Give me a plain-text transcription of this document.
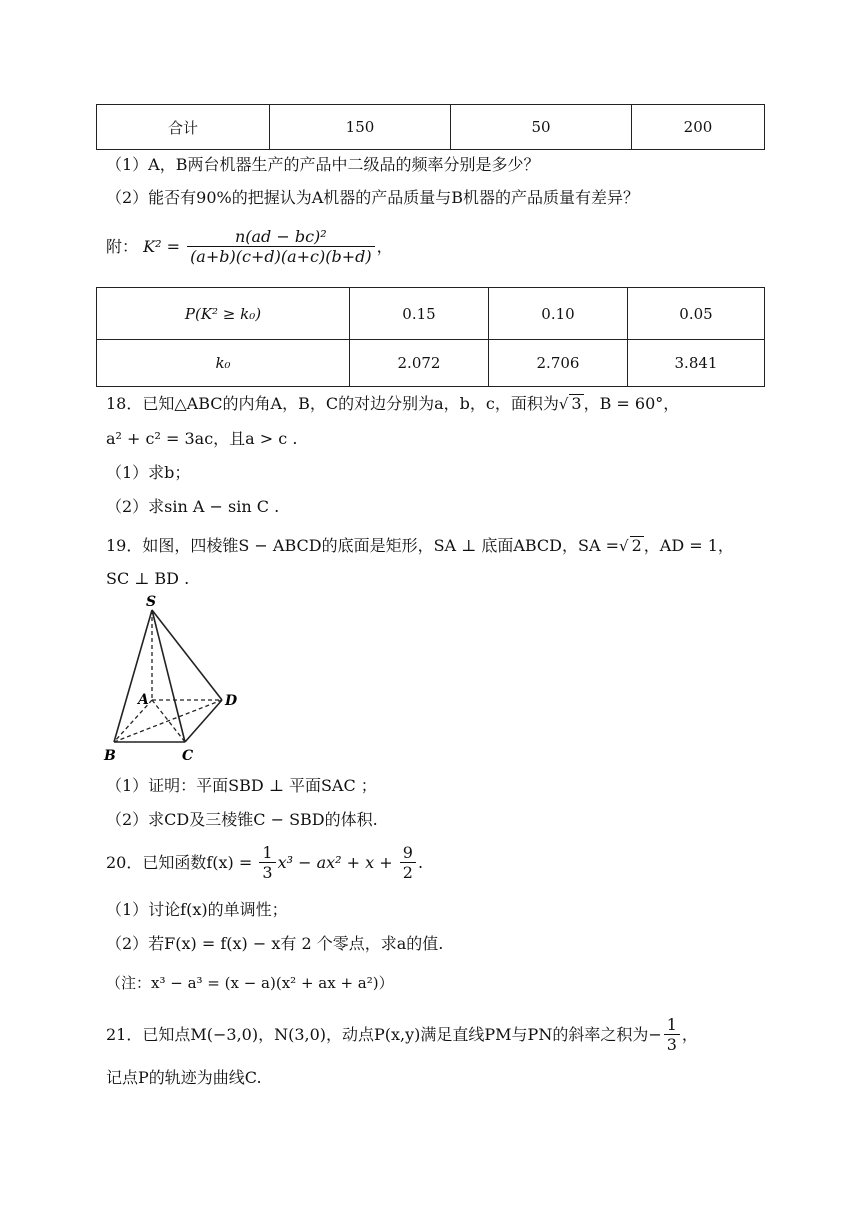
合计	150	50	200
（1）A，B两台机器生产的产品中二级品的频率分别是多少？
（2）能否有90%的把握认为A机器的产品质量与B机器的产品质量有差异？
附： $K^2 = \frac{\text{n(ad − bc)²}}{(a+b)(c+d)(a+c)(b+d)}$ ，
P(K² ≥ k₀)	0.15	0.10	0.05
k₀	2.072	2.706	3.841
18．已知△ABC的内角A，B，C的对边分别为a，b，c，面积为√ 3 ，B = 60°，
a² + c² = 3ac，且a > c .
（1）求b；
（2）求sin A − sin C .
19．如图，四棱锥S − ABCD的底面是矩形，SA ⊥ 底面ABCD，SA =√ 2 ，AD = 1，
SC ⊥ BD .
S
A	D
B	C
（1）证明：平面SBD ⊥ 平面SAC ；
（2）求CD及三棱锥C − SBD的体积.
20．已知函数$f(x) = \frac{1}{3} x^3 - ax^2 + x + \frac{9}{2}$ .
（1）讨论f(x)的单调性；
（2）若F(x) = f(x) − x有 2 个零点，求a的值.
（注：x³ − a³ = (x − a)(x² + ax + a²)）
21．已知点M(−3,0)，N(3,0)，动点P(x,y)满足直线PM与PN的斜率之积为− $\frac{1}{3}$ ，
记点P的轨迹为曲线C.
